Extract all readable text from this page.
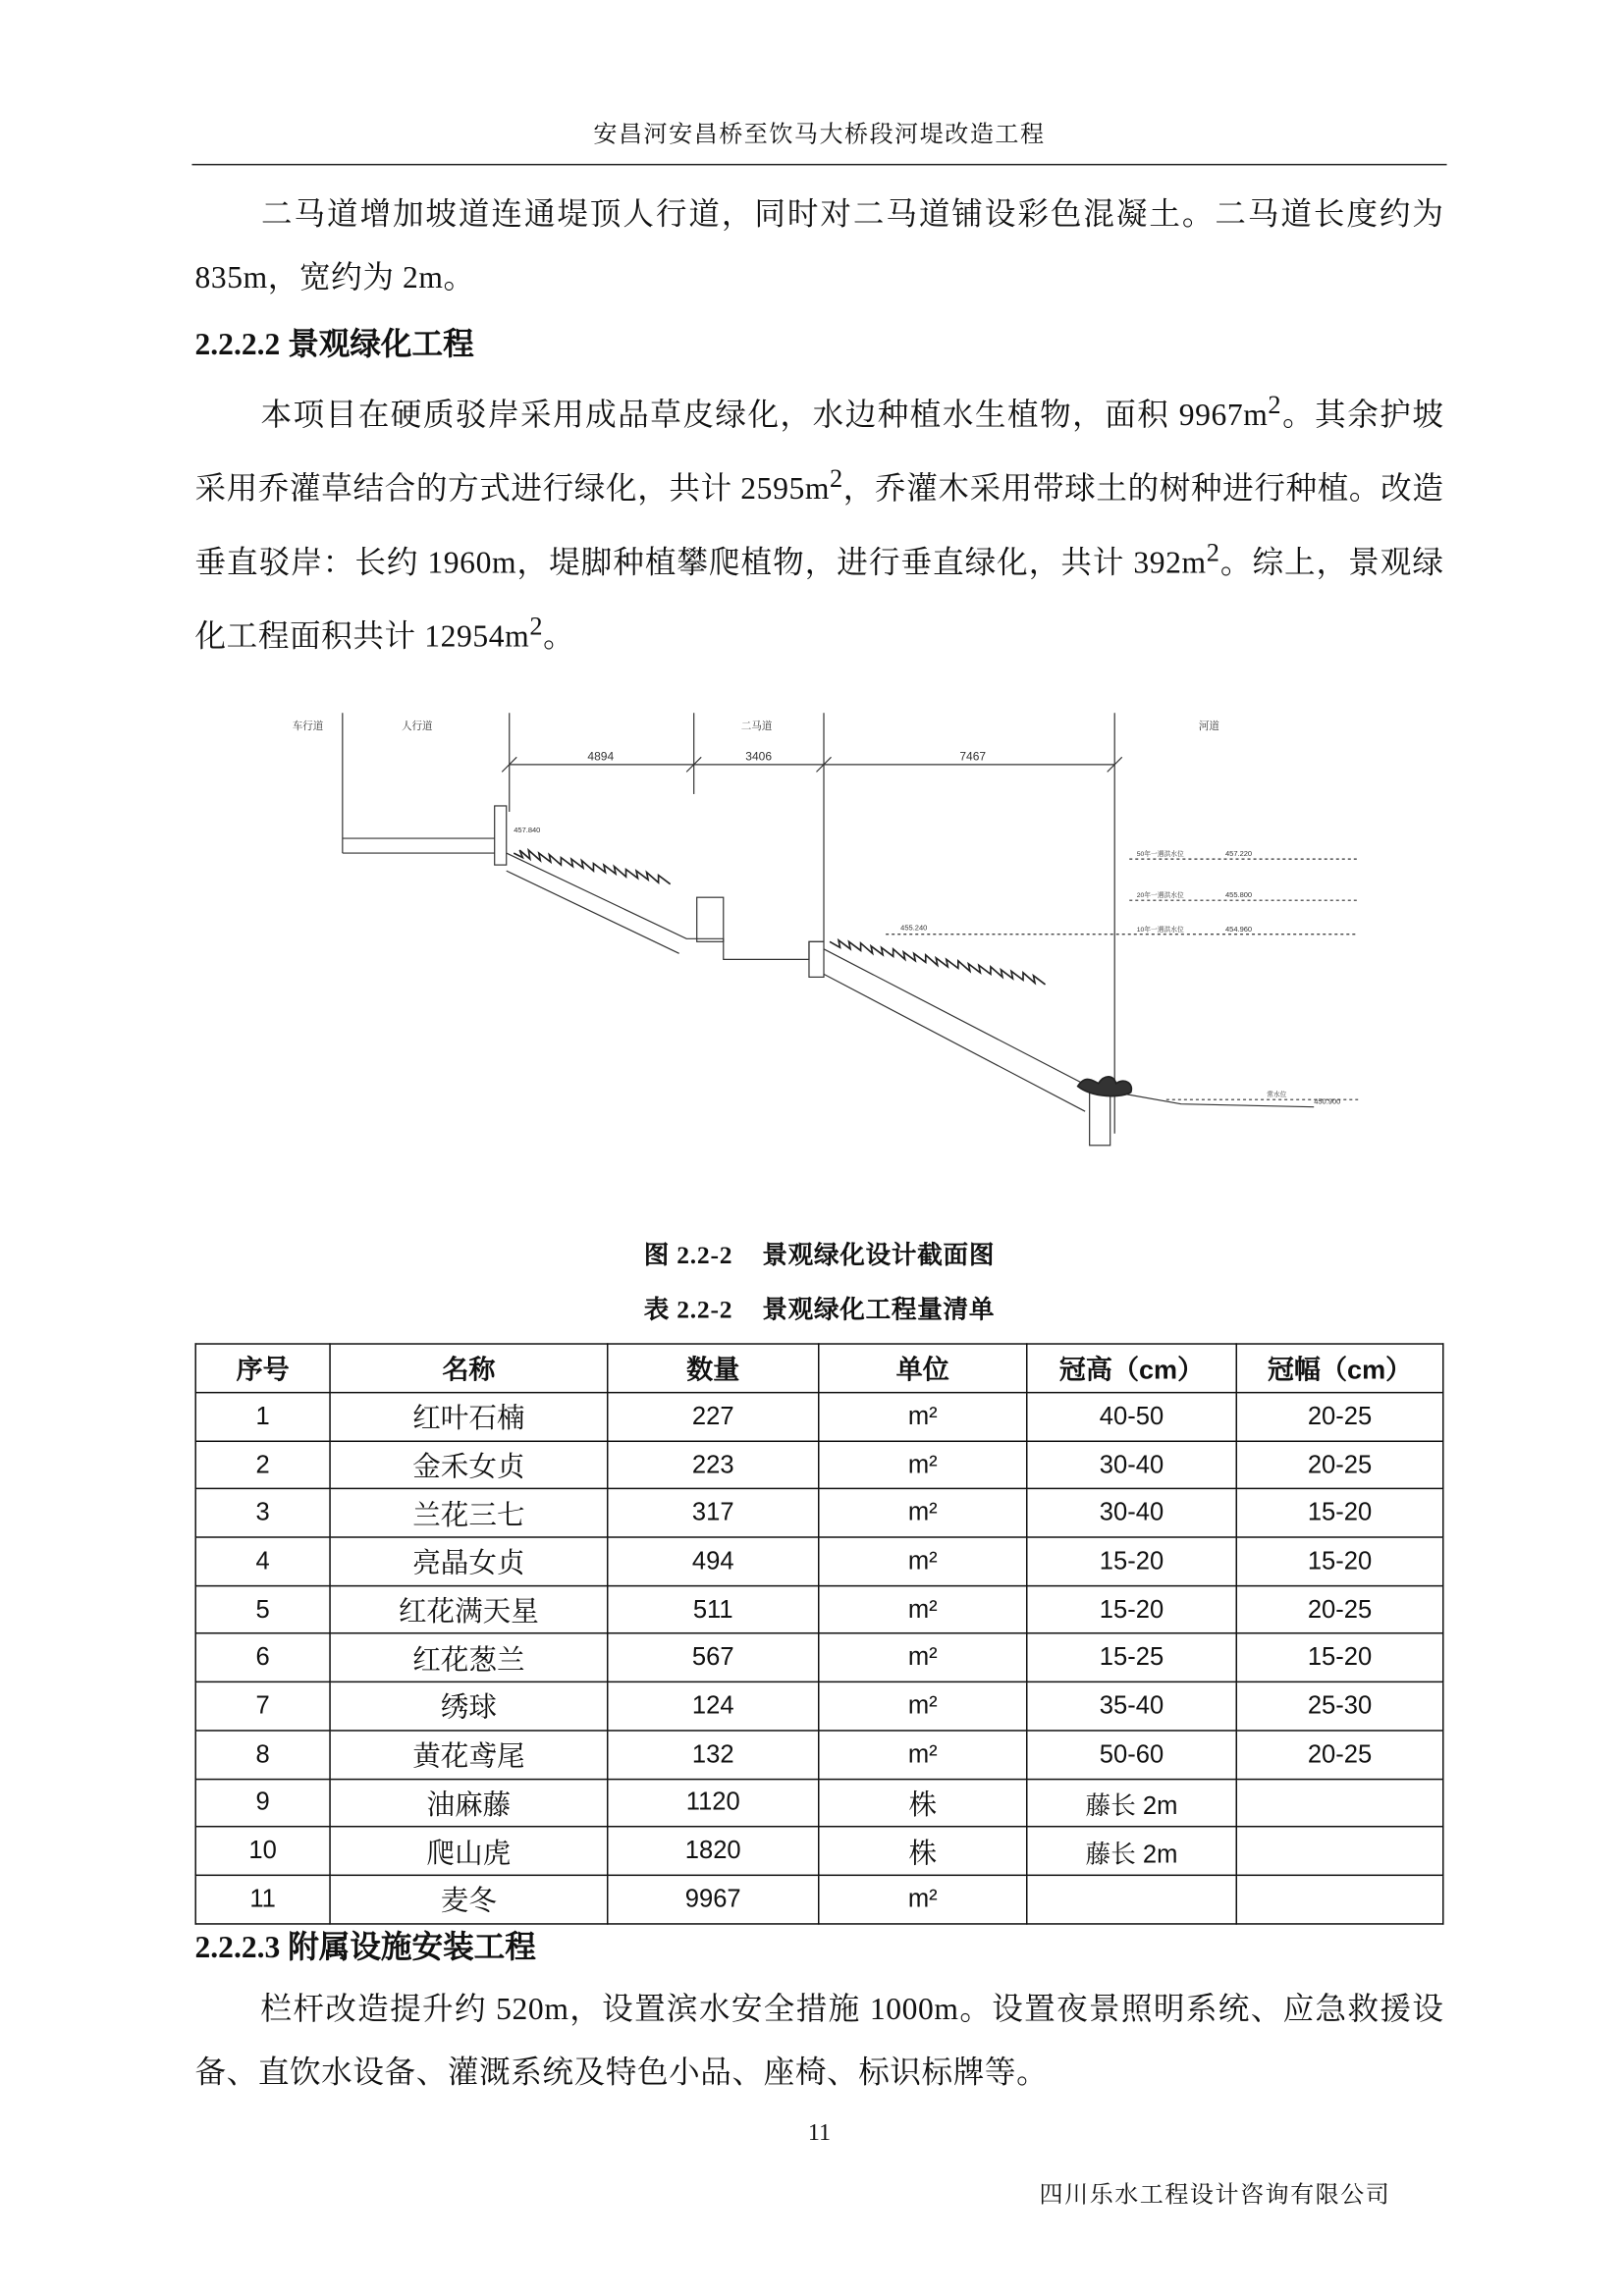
安昌河安昌桥至饮马大桥段河堤改造工程
二马道增加坡道连通堤顶人行道，同时对二马道铺设彩色混凝土。二马道长度约为 835m，宽约为 2m。
2.2.2.2 景观绿化工程
本项目在硬质驳岸采用成品草皮绿化，水边种植水生植物，面积 $9967m^2$。其余护坡采用乔灌草结合的方式进行绿化，共计 $2595m^2$，乔灌木采用带球土的树种进行种植。改造垂直驳岸：长约 1960m，堤脚种植攀爬植物，进行垂直绿化，共计 $392m^2$。综上，景观绿化工程面积共计 $12954m^2$。
车行道	人行道	二马道	河道
4894	3406	7467
457.840
455.240
450.900
50年一遇洪水位
20年一遇洪水位
10年一遇洪水位
457.220
455.800
454.960
常水位
图 2.2-2 景观绿化设计截面图
表 2.2-2 景观绿化工程量清单
序号	名称	数量	单位	冠高（cm）	冠幅（cm）
1	红叶石楠	227	m²	40-50	20-25
2	金禾女贞	223	m²	30-40	20-25
3	兰花三七	317	m²	30-40	15-20
4	亮晶女贞	494	m²	15-20	15-20
5	红花满天星	511	m²	15-20	20-25
6	红花葱兰	567	m²	15-25	15-20
7	绣球	124	m²	35-40	25-30
8	黄花鸢尾	132	m²	50-60	20-25
9	油麻藤	1120	株	藤长 2m	
10	爬山虎	1820	株	藤长 2m	
11	麦冬	9967	m²		
2.2.2.3 附属设施安装工程
栏杆改造提升约 520m，设置滨水安全措施 1000m。设置夜景照明系统、应急救援设备、直饮水设备、灌溉系统及特色小品、座椅、标识标牌等。
11
四川乐水工程设计咨询有限公司
